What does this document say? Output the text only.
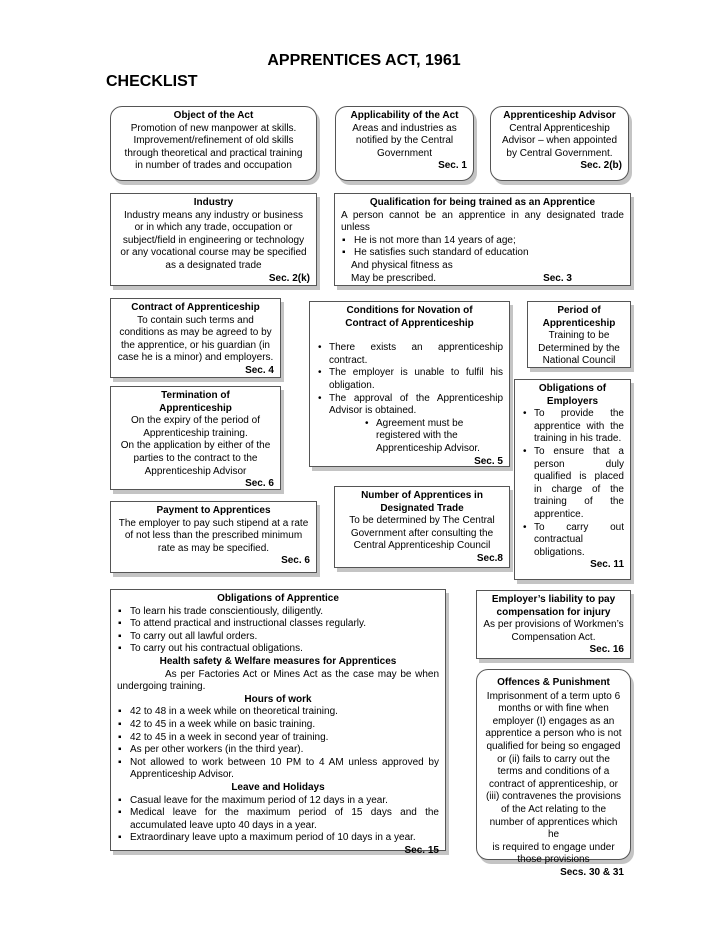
APPRENTICES ACT, 1961
CHECKLIST
Object of the Act
Promotion of new manpower at skills.
Improvement/refinement of old skills
through theoretical and practical training
in number of trades and occupation
Applicability of the Act
Areas and industries as
notified by the Central
Government
Sec. 1
Apprenticeship Advisor
Central Apprenticeship
Advisor – when appointed
by Central Government.
Sec. 2(b)
Industry
Industry means any industry or business
or in which any trade, occupation or
subject/field in engineering or technology
or any vocational course may be specified
as a designated trade
Sec. 2(k)
Qualification for being trained as an Apprentice
A person cannot be an apprentice in any designated trade unless
▪ He is not more than 14 years of age;
▪ He satisfies such standard of education
And physical fitness as
May be prescribed.	Sec. 3
Contract of Apprenticeship
To contain such terms and
conditions as may be agreed to by
the apprentice, or his guardian (in
case he is a minor) and employers.
Sec. 4
Conditions for Novation of
Contract of Apprenticeship
• There exists an apprenticeship contract.
• The employer is unable to fulfil his obligation.
• The approval of the Apprenticeship Advisor is obtained.
• Agreement must be
registered with the
Apprenticeship Advisor.
Sec. 5
Period of
Apprenticeship
Training to be
Determined by the
National Council
Termination of
Apprenticeship
On the expiry of the period of
Apprenticeship training.
On the application by either of the
parties to the contract to the
Apprenticeship Advisor
Sec. 6
Obligations of
Employers
• To provide the apprentice with the training in his trade.
• To ensure that a person duly qualified is placed in charge of the training of the apprentice.
• To carry out contractual obligations.
Sec. 11
Payment to Apprentices
The employer to pay such stipend at a rate
of not less than the prescribed minimum
rate as may be specified.
Sec. 6
Number of Apprentices in
Designated Trade
To be determined by The Central
Government after consulting the
Central Apprenticeship Council
Sec.8
Obligations of Apprentice
▪ To learn his trade conscientiously, diligently.
▪ To attend practical and instructional classes regularly.
▪ To carry out all lawful orders.
▪ To carry out his contractual obligations.
Health safety & Welfare measures for Apprentices
As per Factories Act or Mines Act as the case may be when undergoing training.
Hours of work
▪ 42 to 48 in a week while on theoretical training.
▪ 42 to 45 in a week while on basic training.
▪ 42 to 45 in a week in second year of training.
▪ As per other workers (in the third year).
▪ Not allowed to work between 10 PM to 4 AM unless approved by Apprenticeship Advisor.
Leave and Holidays
▪ Casual leave for the maximum period of 12 days in a year.
▪ Medical leave for the maximum period of 15 days and the accumulated leave upto 40 days in a year.
▪ Extraordinary leave upto a maximum period of 10 days in a year.
Sec. 15
Employer’s liability to pay
compensation for injury
As per provisions of Workmen’s
Compensation Act.
Sec. 16
Offences & Punishment
Imprisonment of a term upto 6
months or with fine when
employer (I) engages as an
apprentice a person who is not
qualified for being so engaged
or (ii) fails to carry out the
terms and conditions of a
contract of apprenticeship, or
(iii) contravenes the provisions
of the Act relating to the
number of apprentices which he
is required to engage under
those provisions
Secs. 30 & 31
